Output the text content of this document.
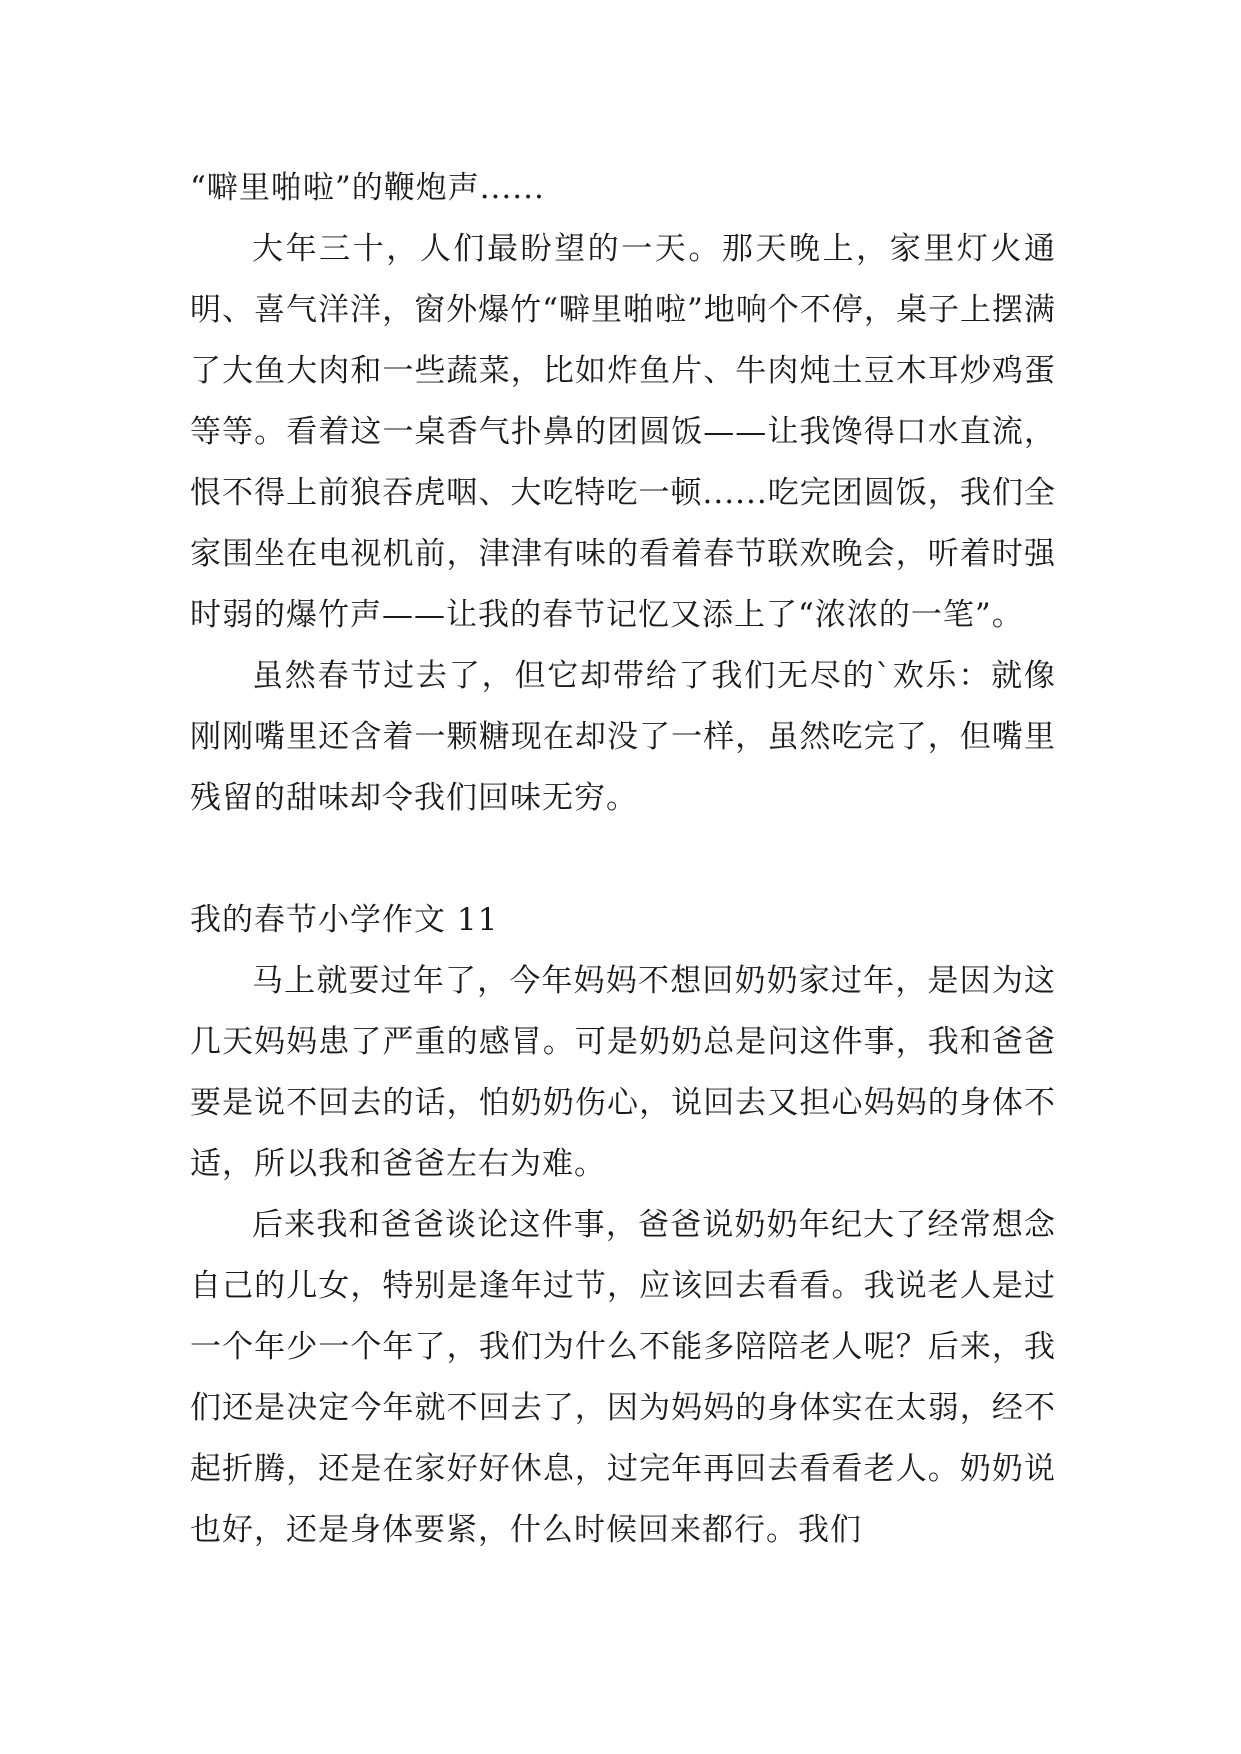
“噼里啪啦”的鞭炮声......

大年三十，人们最盼望的一天。那天晚上，家里灯火通明、喜气洋洋，窗外爆竹“噼里啪啦”地响个不停，桌子上摆满了大鱼大肉和一些蔬菜，比如炸鱼片、牛肉炖土豆木耳炒鸡蛋等等。看着这一桌香气扑鼻的团圆饭——让我馋得口水直流，恨不得上前狼吞虎咽、大吃特吃一顿......吃完团圆饭，我们全家围坐在电视机前，津津有味的看着春节联欢晚会，听着时强时弱的爆竹声——让我的春节记忆又添上了“浓浓的一笔”。

虽然春节过去了，但它却带给了我们无尽的`欢乐：就像刚刚嘴里还含着一颗糖现在却没了一样，虽然吃完了，但嘴里残留的甜味却令我们回味无穷。

我的春节小学作文 11

马上就要过年了，今年妈妈不想回奶奶家过年，是因为这几天妈妈患了严重的感冒。可是奶奶总是问这件事，我和爸爸要是说不回去的话，怕奶奶伤心，说回去又担心妈妈的身体不适，所以我和爸爸左右为难。

后来我和爸爸谈论这件事，爸爸说奶奶年纪大了经常想念自己的儿女，特别是逢年过节，应该回去看看。我说老人是过一个年少一个年了，我们为什么不能多陪陪老人呢？后来，我们还是决定今年就不回去了，因为妈妈的身体实在太弱，经不起折腾，还是在家好好休息，过完年再回去看看老人。奶奶说也好，还是身体要紧，什么时候回来都行。我们
